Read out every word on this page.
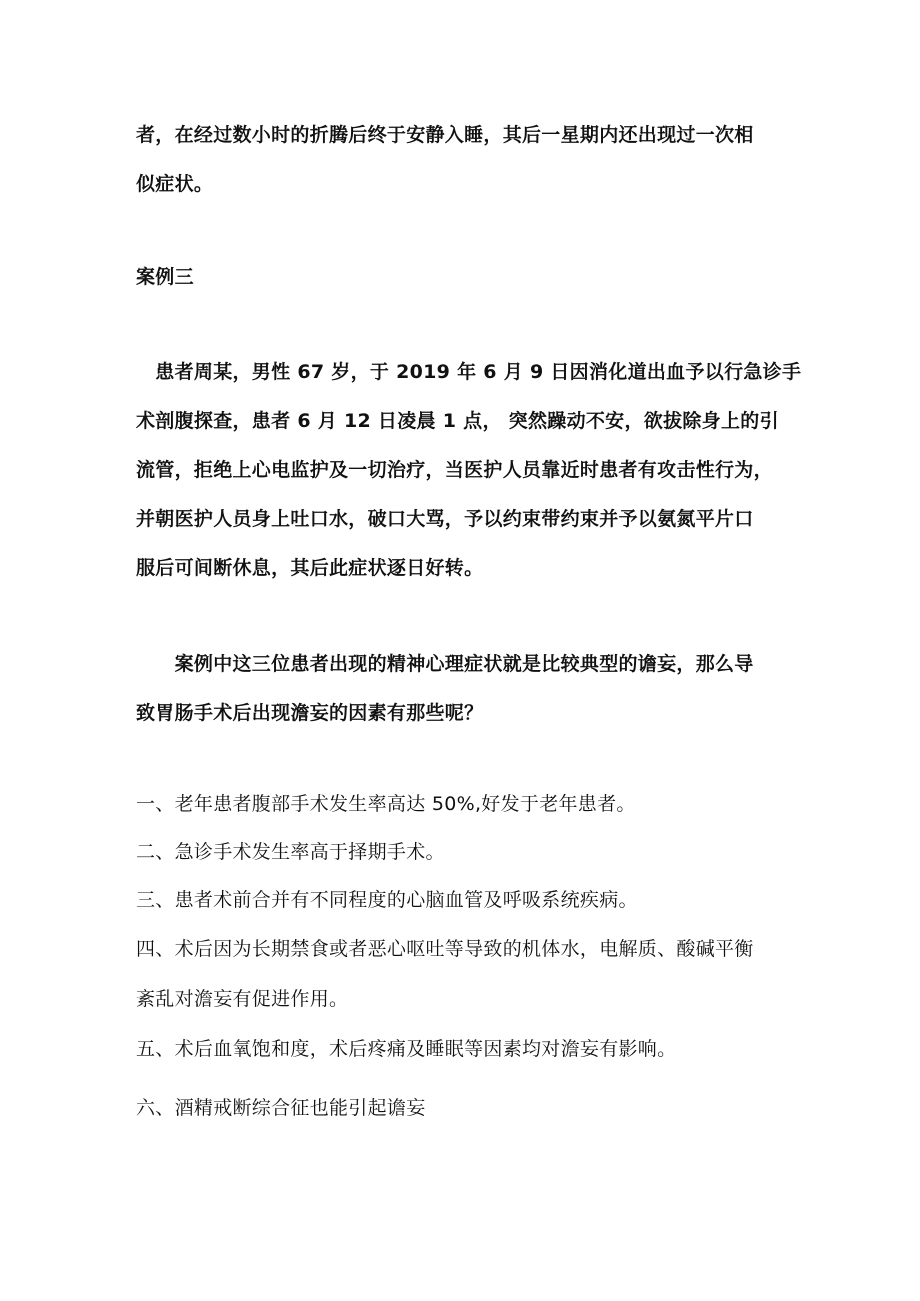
者，在经过数小时的折腾后终于安静入睡，其后一星期内还出现过一次相
似症状。
案例三
　患者周某，男性 67 岁，于 2019 年 6 月 9 日因消化道出血予以行急诊手
术剖腹探查，患者 6 月 12 日凌晨 1 点， 突然躁动不安，欲拔除身上的引
流管，拒绝上心电监护及一切治疗，当医护人员靠近时患者有攻击性行为，
并朝医护人员身上吐口水，破口大骂，予以约束带约束并予以氨氮平片口
服后可间断休息，其后此症状逐日好转。
　　案例中这三位患者出现的精神心理症状就是比较典型的谵妄，那么导
致胃肠手术后出现澹妄的因素有那些呢？
一、老年患者腹部手术发生率高达 50%,好发于老年患者。
二、急诊手术发生率高于择期手术。
三、患者术前合并有不同程度的心脑血管及呼吸系统疾病。
四、术后因为长期禁食或者恶心呕吐等导致的机体水，电解质、酸碱平衡
紊乱对澹妄有促进作用。
五、术后血氧饱和度，术后疼痛及睡眠等因素均对澹妄有影响。
六、酒精戒断综合征也能引起谵妄
